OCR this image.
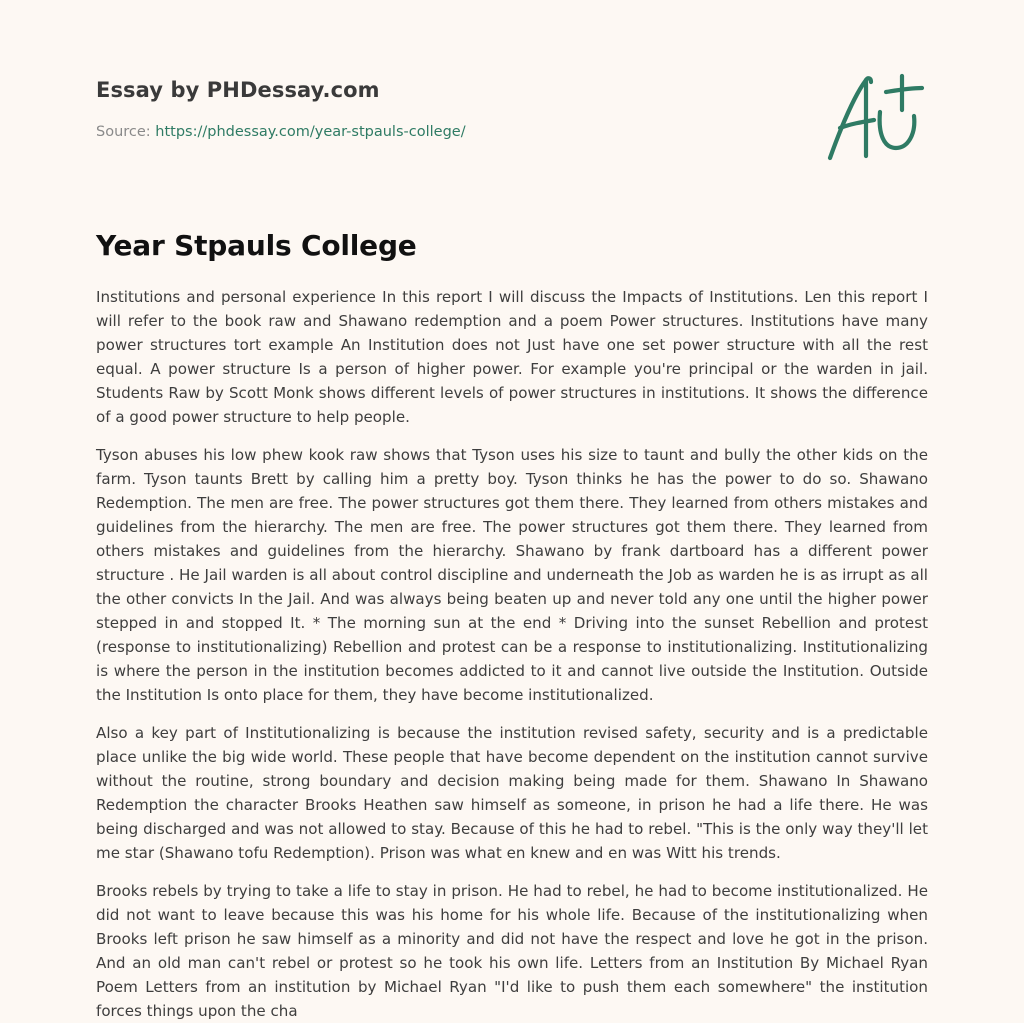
Essay by PHDessay.com
Source: https://phdessay.com/year-stpauls-college/
Year Stpauls College

Institutions and personal experience In this report I will discuss the Impacts of Institutions. Len this report I will refer to the book raw and Shawano redemption and a poem Power structures. Institutions have many power structures tort example An Institution does not Just have one set power structure with all the rest equal. A power structure Is a person of higher power. For example you're principal or the warden in jail. Students Raw by Scott Monk shows different levels of power structures in institutions. It shows the difference of a good power structure to help people.

Tyson abuses his low phew kook raw shows that Tyson uses his size to taunt and bully the other kids on the farm. Tyson taunts Brett by calling him a pretty boy. Tyson thinks he has the power to do so. Shawano Redemption. The men are free. The power structures got them there. They learned from others mistakes and guidelines from the hierarchy. The men are free. The power structures got them there. They learned from others mistakes and guidelines from the hierarchy. Shawano by frank dartboard has a different power structure . He Jail warden is all about control discipline and underneath the Job as warden he is as irrupt as all the other convicts In the Jail. And was always being beaten up and never told any one until the higher power stepped in and stopped It. * The morning sun at the end * Driving into the sunset Rebellion and protest (response to institutionalizing) Rebellion and protest can be a response to institutionalizing. Institutionalizing is where the person in the institution becomes addicted to it and cannot live outside the Institution. Outside the Institution Is onto place for them, they have become institutionalized.

Also a key part of Institutionalizing is because the institution revised safety, security and is a predictable place unlike the big wide world. These people that have become dependent on the institution cannot survive without the routine, strong boundary and decision making being made for them. Shawano In Shawano Redemption the character Brooks Heathen saw himself as someone, in prison he had a life there. He was being discharged and was not allowed to stay. Because of this he had to rebel. "This is the only way they'll let me star (Shawano tofu Redemption). Prison was what en knew and en was Witt his trends.

Brooks rebels by trying to take a life to stay in prison. He had to rebel, he had to become institutionalized. He did not want to leave because this was his home for his whole life. Because of the institutionalizing when Brooks left prison he saw himself as a minority and did not have the respect and love he got in the prison. And an old man can't rebel or protest so he took his own life. Letters from an Institution By Michael Ryan Poem Letters from an institution by Michael Ryan "I'd like to push them each somewhere" the institution forces things upon the cha
